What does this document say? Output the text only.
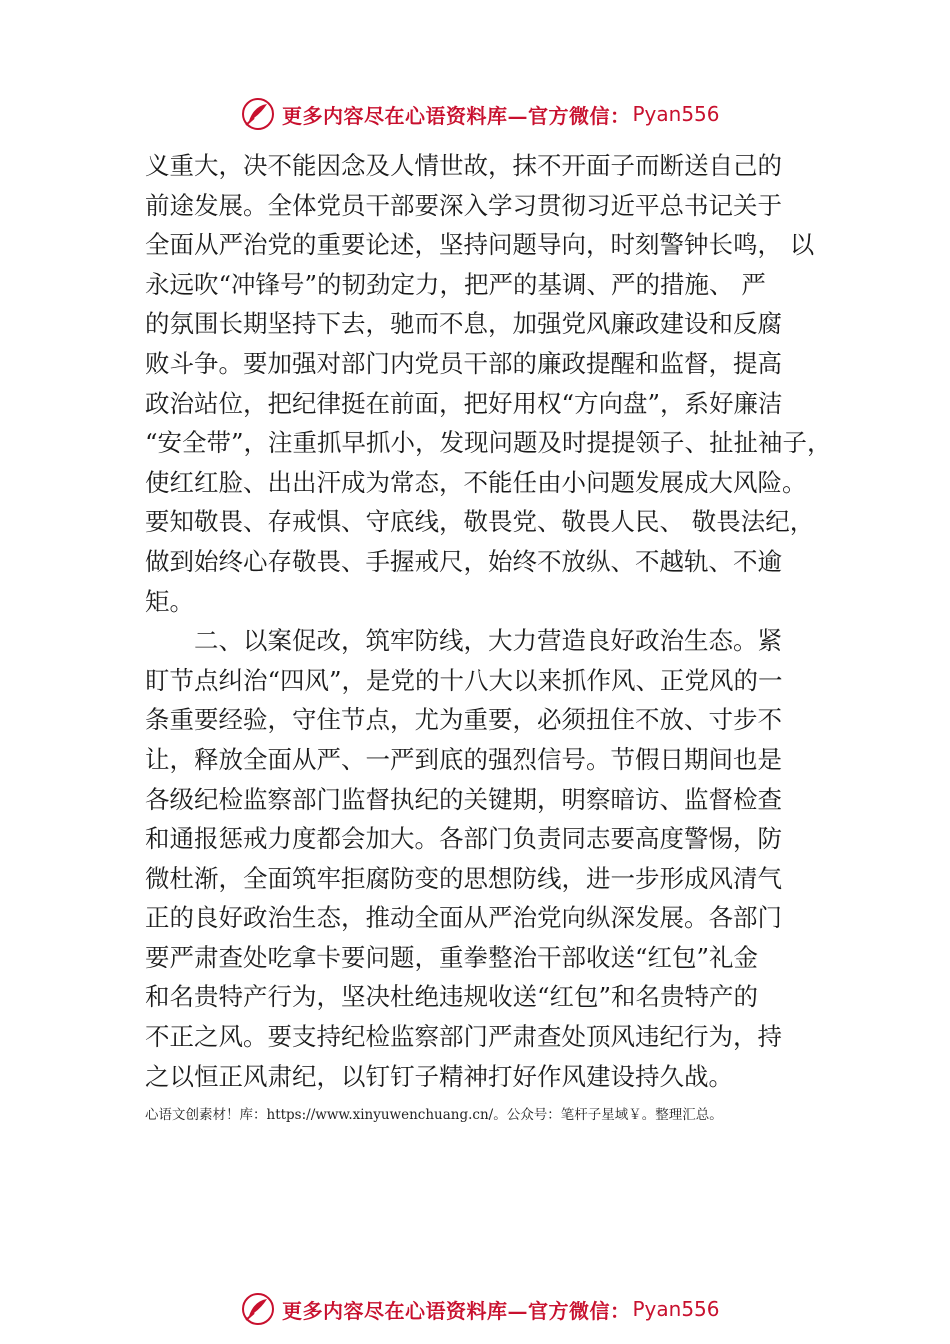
更多内容尽在心语资料库—官方微信： Pyan556
义重大，决不能因念及人情世故，抹不开面子而断送自己的
前途发展。全体党员干部要深入学习贯彻习近平总书记关于
全面从严治党的重要论述，坚持问题导向，时刻警钟长鸣， 以
永远吹“冲锋号”的韧劲定力，把严的基调、严的措施、 严
的氛围长期坚持下去，驰而不息，加强党风廉政建设和反腐
败斗争。要加强对部门内党员干部的廉政提醒和监督，提高
政治站位，把纪律挺在前面，把好用权“方向盘”，系好廉洁
“安全带”，注重抓早抓小，发现问题及时提提领子、扯扯袖子，
使红红脸、出出汗成为常态，不能任由小问题发展成大风险。
要知敬畏、存戒惧、守底线，敬畏党、敬畏人民、 敬畏法纪，
做到始终心存敬畏、手握戒尺，始终不放纵、不越轨、不逾
矩。
二、以案促改，筑牢防线，大力营造良好政治生态。紧
盯节点纠治“四风”，是党的十八大以来抓作风、正党风的一
条重要经验，守住节点，尤为重要，必须扭住不放、寸步不
让，释放全面从严、一严到底的强烈信号。节假日期间也是
各级纪检监察部门监督执纪的关键期，明察暗访、监督检查
和通报惩戒力度都会加大。各部门负责同志要高度警惕，防
微杜渐，全面筑牢拒腐防变的思想防线，进一步形成风清气
正的良好政治生态，推动全面从严治党向纵深发展。各部门
要严肃查处吃拿卡要问题，重拳整治干部收送“红包”礼金
和名贵特产行为，坚决杜绝违规收送“红包”和名贵特产的
不正之风。要支持纪检监察部门严肃查处顶风违纪行为，持
之以恒正风肃纪，以钉钉子精神打好作风建设持久战。
心语文创素材！库：https://www.xinyuwenchuang.cn/。公众号：笔杆子星域￥。整理汇总。
更多内容尽在心语资料库—官方微信： Pyan556
